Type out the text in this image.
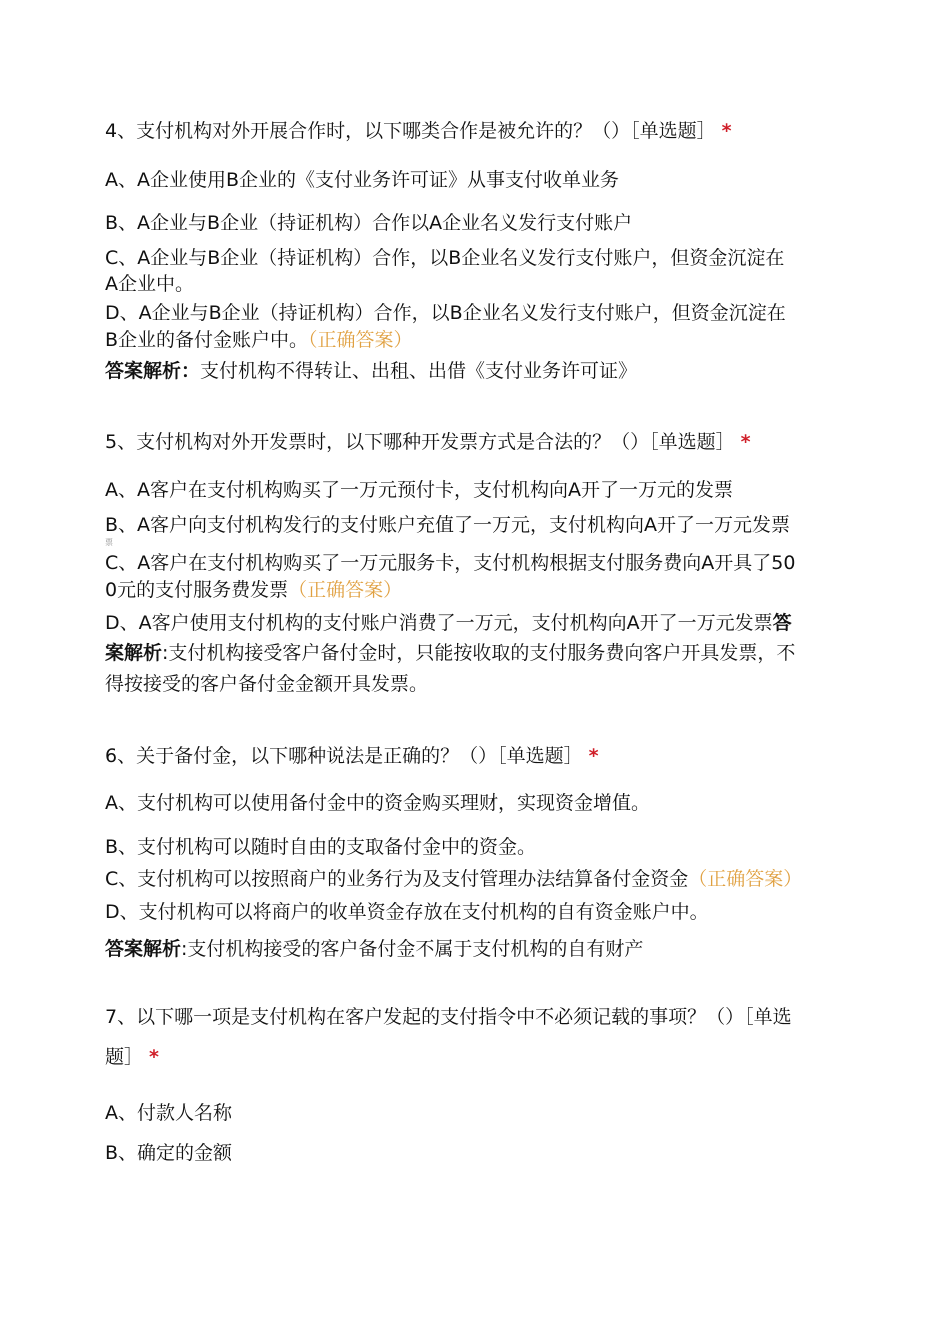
4、支付机构对外开展合作时，以下哪类合作是被允许的？（）［单选题］ *
A、A企业使用B企业的《支付业务许可证》从事支付收单业务
B、A企业与B企业（持证机构）合作以A企业名义发行支付账户
C、A企业与B企业（持证机构）合作，以B企业名义发行支付账户，但资金沉淀在
A企业中。
D、A企业与B企业（持证机构）合作，以B企业名义发行支付账户，但资金沉淀在
B企业的备付金账户中。（正确答案）
答案解析：支付机构不得转让、出租、出借《支付业务许可证》
5、支付机构对外开发票时，以下哪种开发票方式是合法的？（）［单选题］ *
A、A客户在支付机构购买了一万元预付卡，支付机构向A开了一万元的发票
B、A客户向支付机构发行的支付账户充值了一万元，支付机构向A开了一万元发票
票
C、A客户在支付机构购买了一万元服务卡，支付机构根据支付服务费向A开具了50
0元的支付服务费发票（正确答案）
D、A客户使用支付机构的支付账户消费了一万元，支付机构向A开了一万元发票答
案解析:支付机构接受客户备付金时，只能按收取的支付服务费向客户开具发票，不
得按接受的客户备付金金额开具发票。
6、关于备付金，以下哪种说法是正确的？（）［单选题］ *
A、支付机构可以使用备付金中的资金购买理财，实现资金增值。
B、支付机构可以随时自由的支取备付金中的资金。
C、支付机构可以按照商户的业务行为及支付管理办法结算备付金资金（正确答案）
D、支付机构可以将商户的收单资金存放在支付机构的自有资金账户中。
答案解析:支付机构接受的客户备付金不属于支付机构的自有财产
7、以下哪一项是支付机构在客户发起的支付指令中不必须记载的事项？（）［单选
题］ *
A、付款人名称
B、确定的金额
